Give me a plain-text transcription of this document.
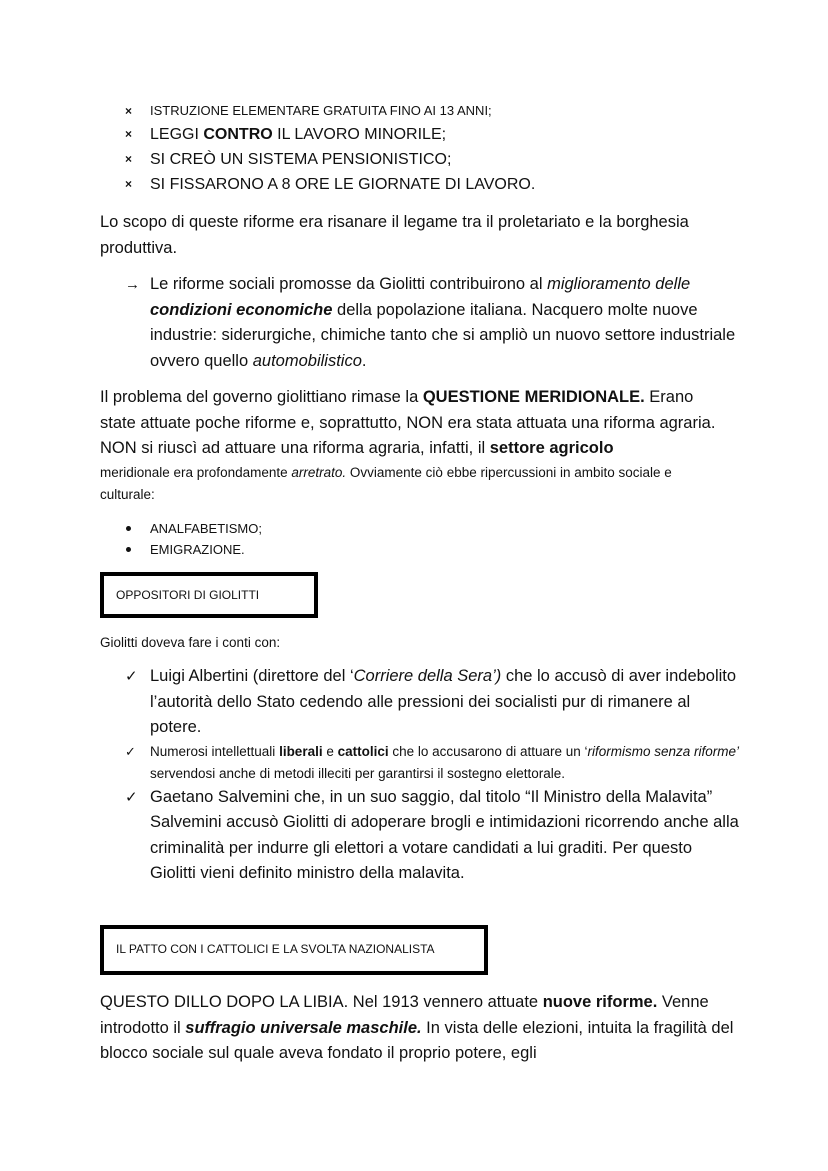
× ISTRUZIONE ELEMENTARE GRATUITA FINO AI 13 ANNI;
× LEGGI CONTRO IL LAVORO MINORILE;
× SI CREÒ UN SISTEMA PENSIONISTICO;
× SI FISSARONO A 8 ORE LE GIORNATE DI LAVORO.

Lo scopo di queste riforme era risanare il legame tra il proletariato e la borghesia produttiva.

→ Le riforme sociali promosse da Giolitti contribuirono al miglioramento delle condizioni economiche della popolazione italiana. Nacquero molte nuove industrie: siderurgiche, chimiche tanto che si ampliò un nuovo settore industriale ovvero quello automobilistico.
Il problema del governo giolittiano rimase la QUESTIONE MERIDIONALE. Erano state attuate poche riforme e, soprattutto, NON era stata attuata una riforma agraria. NON si riuscì ad attuare una riforma agraria, infatti, il settore agricolo
meridionale era profondamente arretrato. Ovviamente ciò ebbe ripercussioni in ambito sociale e culturale:
ANALFABETISMO;
EMIGRAZIONE.
OPPOSITORI DI GIOLITTI

Giolitti doveva fare i conti con:

✓ Luigi Albertini (direttore del ‘Corriere della Sera’) che lo accusò di aver indebolito l’autorità dello Stato cedendo alle pressioni dei socialisti pur di rimanere al potere.
✓ Numerosi intellettuali liberali e cattolici che lo accusarono di attuare un ‘riformismo senza riforme’ servendosi anche di metodi illeciti per garantirsi il sostegno elettorale.
✓ Gaetano Salvemini che, in un suo saggio, dal titolo “Il Ministro della Malavita” Salvemini accusò Giolitti di adoperare brogli e intimidazioni ricorrendo anche alla criminalità per indurre gli elettori a votare candidati a lui graditi. Per questo Giolitti vieni definito ministro della malavita.
IL PATTO CON I CATTOLICI E LA SVOLTA NAZIONALISTA

QUESTO DILLO DOPO LA LIBIA. Nel 1913 vennero attuate nuove riforme. Venne introdotto il suffragio universale maschile. In vista delle elezioni, intuita la fragilità del blocco sociale sul quale aveva fondato il proprio potere, egli
